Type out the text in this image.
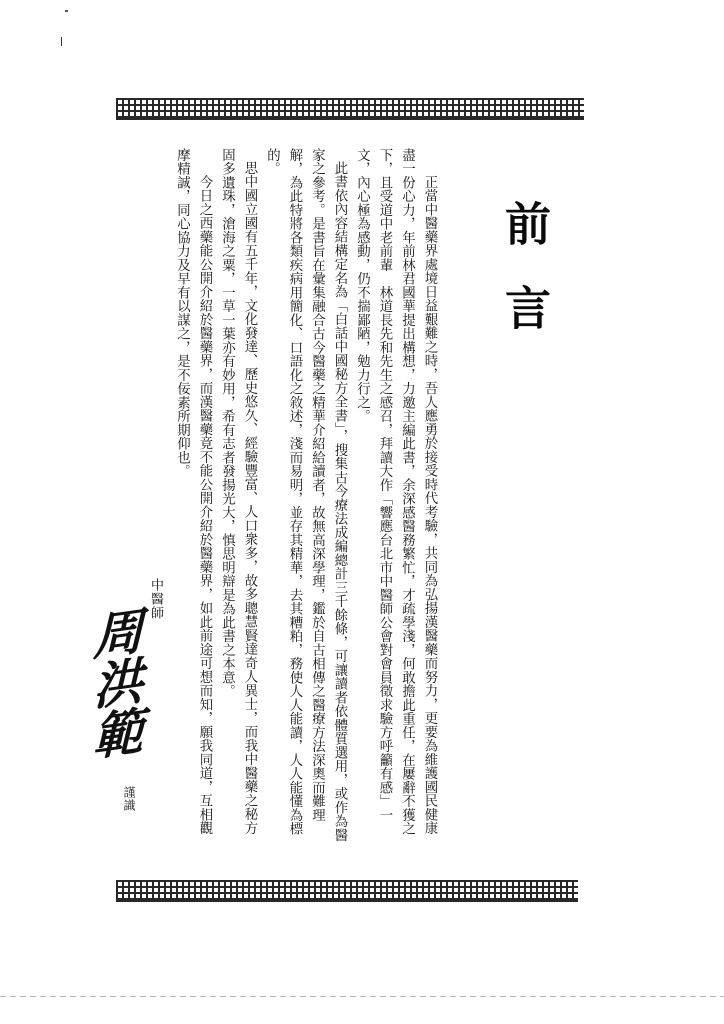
前言

正當中醫藥界處境日益艱難之時，吾人應勇於接受時代考驗，共同為弘揚漢醫藥而努力，更要為維護國民健康盡一份心力，年前林君國華提出構想，力邀主編此書，余深感醫務繁忙，才疏學淺，何敢擔此重任，在屢辭不獲之下，且受道中老前輩　林道長先和先生之感召，拜讀大作「響應台北市中醫師公會對會員徵求驗方呼籲有感」一文，內心極為感動，仍不揣鄙陋，勉力行之。

此書依內容結構定名為「白話中國秘方全書」，搜集古今療法成編總計三千餘條，可讓讀者依體質選用，或作為醫家之參考。是書旨在彙集融合古今醫藥之精華介紹給讀者，故無高深學理，鑑於自古相傳之醫療方法深奧而難理解，為此特將各類疾病用簡化、口語化之敘述，淺而易明，並存其精華，去其糟粕，務使人人能讀，人人能懂為標的。

思中國立國有五千年，文化發達、歷史悠久、經驗豐富、人口衆多，故多聰慧賢達奇人異士，而我中醫藥之秘方固多遺珠，滄海之粟，一草一葉亦有妙用，希有志者發揚光大，慎思明辯是為此書之本意。

今日之西藥能公開介紹於醫藥界，而漢醫藥竟不能公開介紹於醫藥界，如此前途可想而知，願我同道，互相觀摩精誠，同心協力及早有以謀之，是不佞素所期仰也。

中醫師

周洪範

謹識
